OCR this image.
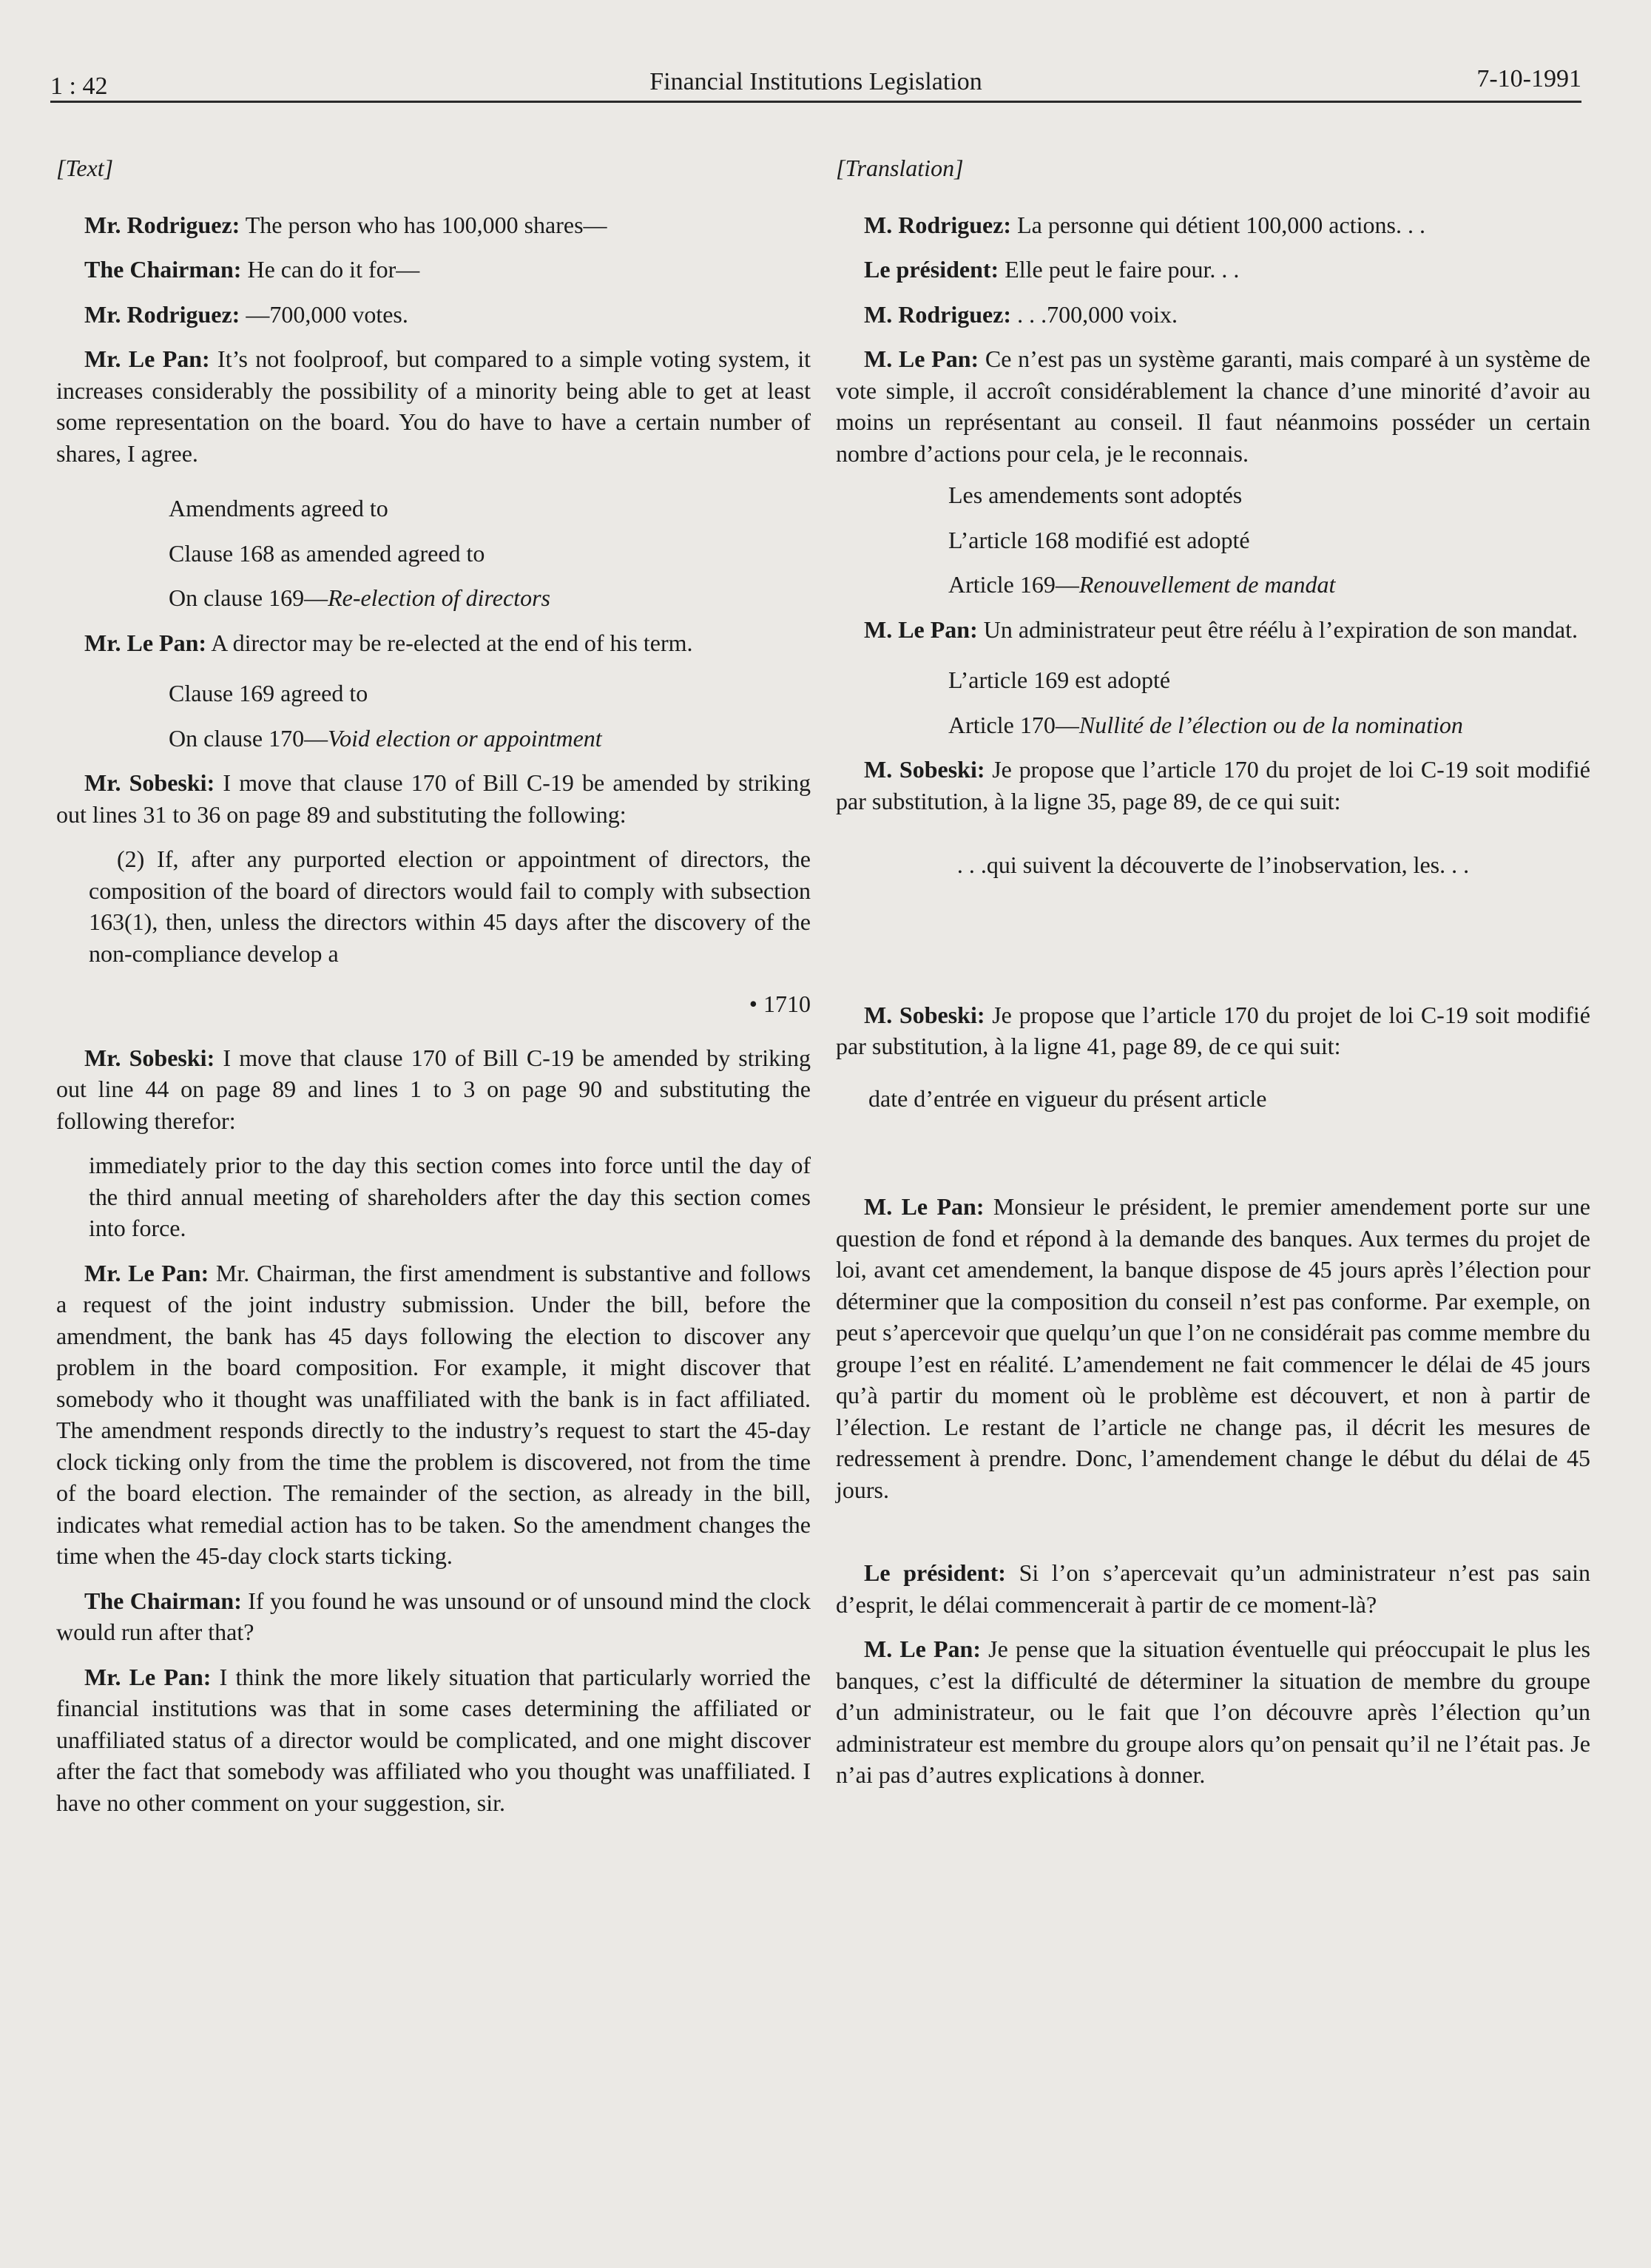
1 : 42	Financial Institutions Legislation	7-10-1991

[Text]

Mr. Rodriguez: The person who has 100,000 shares—

The Chairman: He can do it for—

Mr. Rodriguez: —700,000 votes.

Mr. Le Pan: It’s not foolproof, but compared to a simple voting system, it increases considerably the possibility of a minority being able to get at least some representation on the board. You do have to have a certain number of shares, I agree.

Amendments agreed to

Clause 168 as amended agreed to

On clause 169—Re-election of directors

Mr. Le Pan: A director may be re-elected at the end of his term.

Clause 169 agreed to

On clause 170—Void election or appointment

Mr. Sobeski: I move that clause 170 of Bill C-19 be amended by striking out lines 31 to 36 on page 89 and substituting the following:

(2) If, after any purported election or appointment of directors, the composition of the board of directors would fail to comply with subsection 163(1), then, unless the directors within 45 days after the discovery of the non-compliance develop a

• 1710

Mr. Sobeski: I move that clause 170 of Bill C-19 be amended by striking out line 44 on page 89 and lines 1 to 3 on page 90 and substituting the following therefor:

immediately prior to the day this section comes into force until the day of the third annual meeting of shareholders after the day this section comes into force.

Mr. Le Pan: Mr. Chairman, the first amendment is substantive and follows a request of the joint industry submission. Under the bill, before the amendment, the bank has 45 days following the election to discover any problem in the board composition. For example, it might discover that somebody who it thought was unaffiliated with the bank is in fact affiliated. The amendment responds directly to the industry’s request to start the 45-day clock ticking only from the time the problem is discovered, not from the time of the board election. The remainder of the section, as already in the bill, indicates what remedial action has to be taken. So the amendment changes the time when the 45-day clock starts ticking.

The Chairman: If you found he was unsound or of unsound mind the clock would run after that?

Mr. Le Pan: I think the more likely situation that particularly worried the financial institutions was that in some cases determining the affiliated or unaffiliated status of a director would be complicated, and one might discover after the fact that somebody was affiliated who you thought was unaffiliated. I have no other comment on your suggestion, sir.

[Translation]

M. Rodriguez: La personne qui détient 100,000 actions. . .

Le président: Elle peut le faire pour. . .

M. Rodriguez: . . .700,000 voix.

M. Le Pan: Ce n’est pas un système garanti, mais comparé à un système de vote simple, il accroît considérablement la chance d’une minorité d’avoir au moins un représentant au conseil. Il faut néanmoins posséder un certain nombre d’actions pour cela, je le reconnais.

Les amendements sont adoptés

L’article 168 modifié est adopté

Article 169—Renouvellement de mandat

M. Le Pan: Un administrateur peut être réélu à l’expiration de son mandat.

L’article 169 est adopté

Article 170—Nullité de l’élection ou de la nomination

M. Sobeski: Je propose que l’article 170 du projet de loi C-19 soit modifié par substitution, à la ligne 35, page 89, de ce qui suit:

. . .qui suivent la découverte de l’inobservation, les. . .

M. Sobeski: Je propose que l’article 170 du projet de loi C-19 soit modifié par substitution, à la ligne 41, page 89, de ce qui suit:

date d’entrée en vigueur du présent article

M. Le Pan: Monsieur le président, le premier amendement porte sur une question de fond et répond à la demande des banques. Aux termes du projet de loi, avant cet amendement, la banque dispose de 45 jours après l’élection pour déterminer que la composition du conseil n’est pas conforme. Par exemple, on peut s’apercevoir que quelqu’un que l’on ne considérait pas comme membre du groupe l’est en réalité. L’amendement ne fait commencer le délai de 45 jours qu’à partir du moment où le problème est découvert, et non à partir de l’élection. Le restant de l’article ne change pas, il décrit les mesures de redressement à prendre. Donc, l’amendement change le début du délai de 45 jours.

Le président: Si l’on s’apercevait qu’un administrateur n’est pas sain d’esprit, le délai commencerait à partir de ce moment-là?

M. Le Pan: Je pense que la situation éventuelle qui préoccupait le plus les banques, c’est la difficulté de déterminer la situation de membre du groupe d’un administrateur, ou le fait que l’on découvre après l’élection qu’un administrateur est membre du groupe alors qu’on pensait qu’il ne l’était pas. Je n’ai pas d’autres explications à donner.
